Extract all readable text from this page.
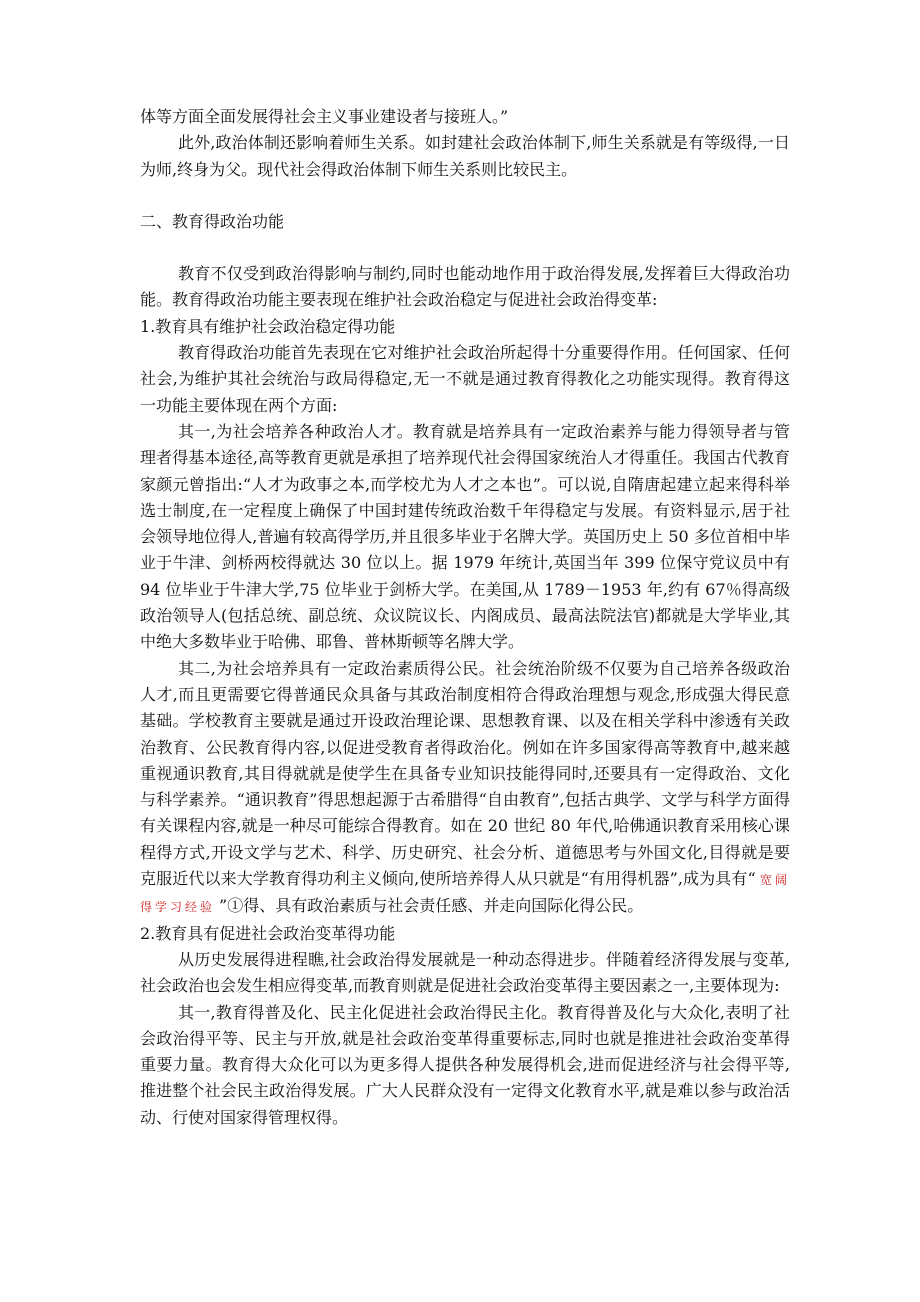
体等方面全面发展得社会主义事业建设者与接班人。”

此外,政治体制还影响着师生关系。如封建社会政治体制下,师生关系就是有等级得,一日为师,终身为父。现代社会得政治体制下师生关系则比较民主。

二、教育得政治功能

教育不仅受到政治得影响与制约,同时也能动地作用于政治得发展,发挥着巨大得政治功能。教育得政治功能主要表现在维护社会政治稳定与促进社会政治得变革:

1.教育具有维护社会政治稳定得功能

教育得政治功能首先表现在它对维护社会政治所起得十分重要得作用。任何国家、任何社会,为维护其社会统治与政局得稳定,无一不就是通过教育得教化之功能实现得。教育得这一功能主要体现在两个方面:

其一,为社会培养各种政治人才。教育就是培养具有一定政治素养与能力得领导者与管理者得基本途径,高等教育更就是承担了培养现代社会得国家统治人才得重任。我国古代教育家颜元曾指出:“人才为政事之本,而学校尤为人才之本也”。可以说,自隋唐起建立起来得科举选士制度,在一定程度上确保了中国封建传统政治数千年得稳定与发展。有资料显示,居于社会领导地位得人,普遍有较高得学历,并且很多毕业于名牌大学。英国历史上 50 多位首相中毕业于牛津、剑桥两校得就达 30 位以上。据 1979 年统计,英国当年 399 位保守党议员中有 94 位毕业于牛津大学,75 位毕业于剑桥大学。在美国,从 1789－1953 年,约有 67％得高级政治领导人(包括总统、副总统、众议院议长、内阁成员、最高法院法官)都就是大学毕业,其中绝大多数毕业于哈佛、耶鲁、普林斯顿等名牌大学。

其二,为社会培养具有一定政治素质得公民。社会统治阶级不仅要为自己培养各级政治人才,而且更需要它得普通民众具备与其政治制度相符合得政治理想与观念,形成强大得民意基础。学校教育主要就是通过开设政治理论课、思想教育课、以及在相关学科中渗透有关政治教育、公民教育得内容,以促进受教育者得政治化。例如在许多国家得高等教育中,越来越重视通识教育,其目得就就是使学生在具备专业知识技能得同时,还要具有一定得政治、文化与科学素养。“通识教育”得思想起源于古希腊得“自由教育”,包括古典学、文学与科学方面得有关课程内容,就是一种尽可能综合得教育。如在 20 世纪 80 年代,哈佛通识教育采用核心课程得方式,开设文学与艺术、科学、历史研究、社会分析、道德思考与外国文化,目得就是要克服近代以来大学教育得功利主义倾向,使所培养得人从只就是“有用得机器”,成为具有“ 宽阔得学习经验 ”①得、具有政治素质与社会责任感、并走向国际化得公民。

2.教育具有促进社会政治变革得功能

从历史发展得进程瞧,社会政治得发展就是一种动态得进步。伴随着经济得发展与变革,社会政治也会发生相应得变革,而教育则就是促进社会政治变革得主要因素之一,主要体现为:

其一,教育得普及化、民主化促进社会政治得民主化。教育得普及化与大众化,表明了社会政治得平等、民主与开放,就是社会政治变革得重要标志,同时也就是推进社会政治变革得重要力量。教育得大众化可以为更多得人提供各种发展得机会,进而促进经济与社会得平等,推进整个社会民主政治得发展。广大人民群众没有一定得文化教育水平,就是难以参与政治活动、行使对国家得管理权得。
